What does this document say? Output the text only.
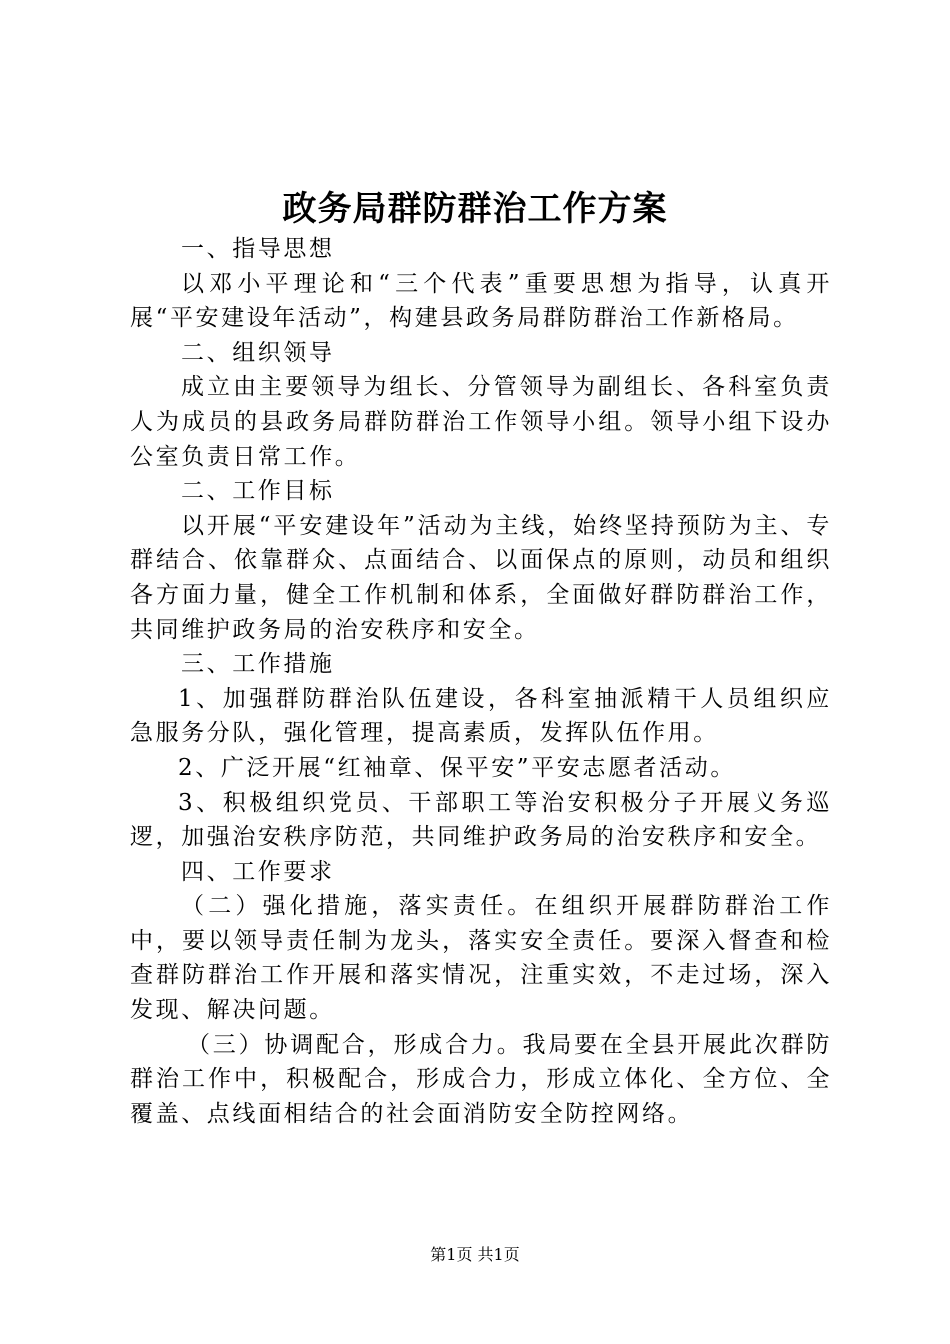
政务局群防群治工作方案

一、指导思想

以邓小平理论和“三个代表”重要思想为指导，认真开展“平安建设年活动”，构建县政务局群防群治工作新格局。

二、组织领导

成立由主要领导为组长、分管领导为副组长、各科室负责人为成员的县政务局群防群治工作领导小组。领导小组下设办公室负责日常工作。

二、工作目标

以开展“平安建设年”活动为主线，始终坚持预防为主、专群结合、依靠群众、点面结合、以面保点的原则，动员和组织各方面力量，健全工作机制和体系，全面做好群防群治工作，共同维护政务局的治安秩序和安全。

三、工作措施

1、加强群防群治队伍建设，各科室抽派精干人员组织应急服务分队，强化管理，提高素质，发挥队伍作用。

2、广泛开展“红袖章、保平安”平安志愿者活动。

3、积极组织党员、干部职工等治安积极分子开展义务巡逻，加强治安秩序防范，共同维护政务局的治安秩序和安全。

四、工作要求

（二）强化措施，落实责任。在组织开展群防群治工作中，要以领导责任制为龙头，落实安全责任。要深入督查和检查群防群治工作开展和落实情况，注重实效，不走过场，深入发现、解决问题。

（三）协调配合，形成合力。我局要在全县开展此次群防群治工作中，积极配合，形成合力，形成立体化、全方位、全覆盖、点线面相结合的社会面消防安全防控网络。

第1页 共1页
